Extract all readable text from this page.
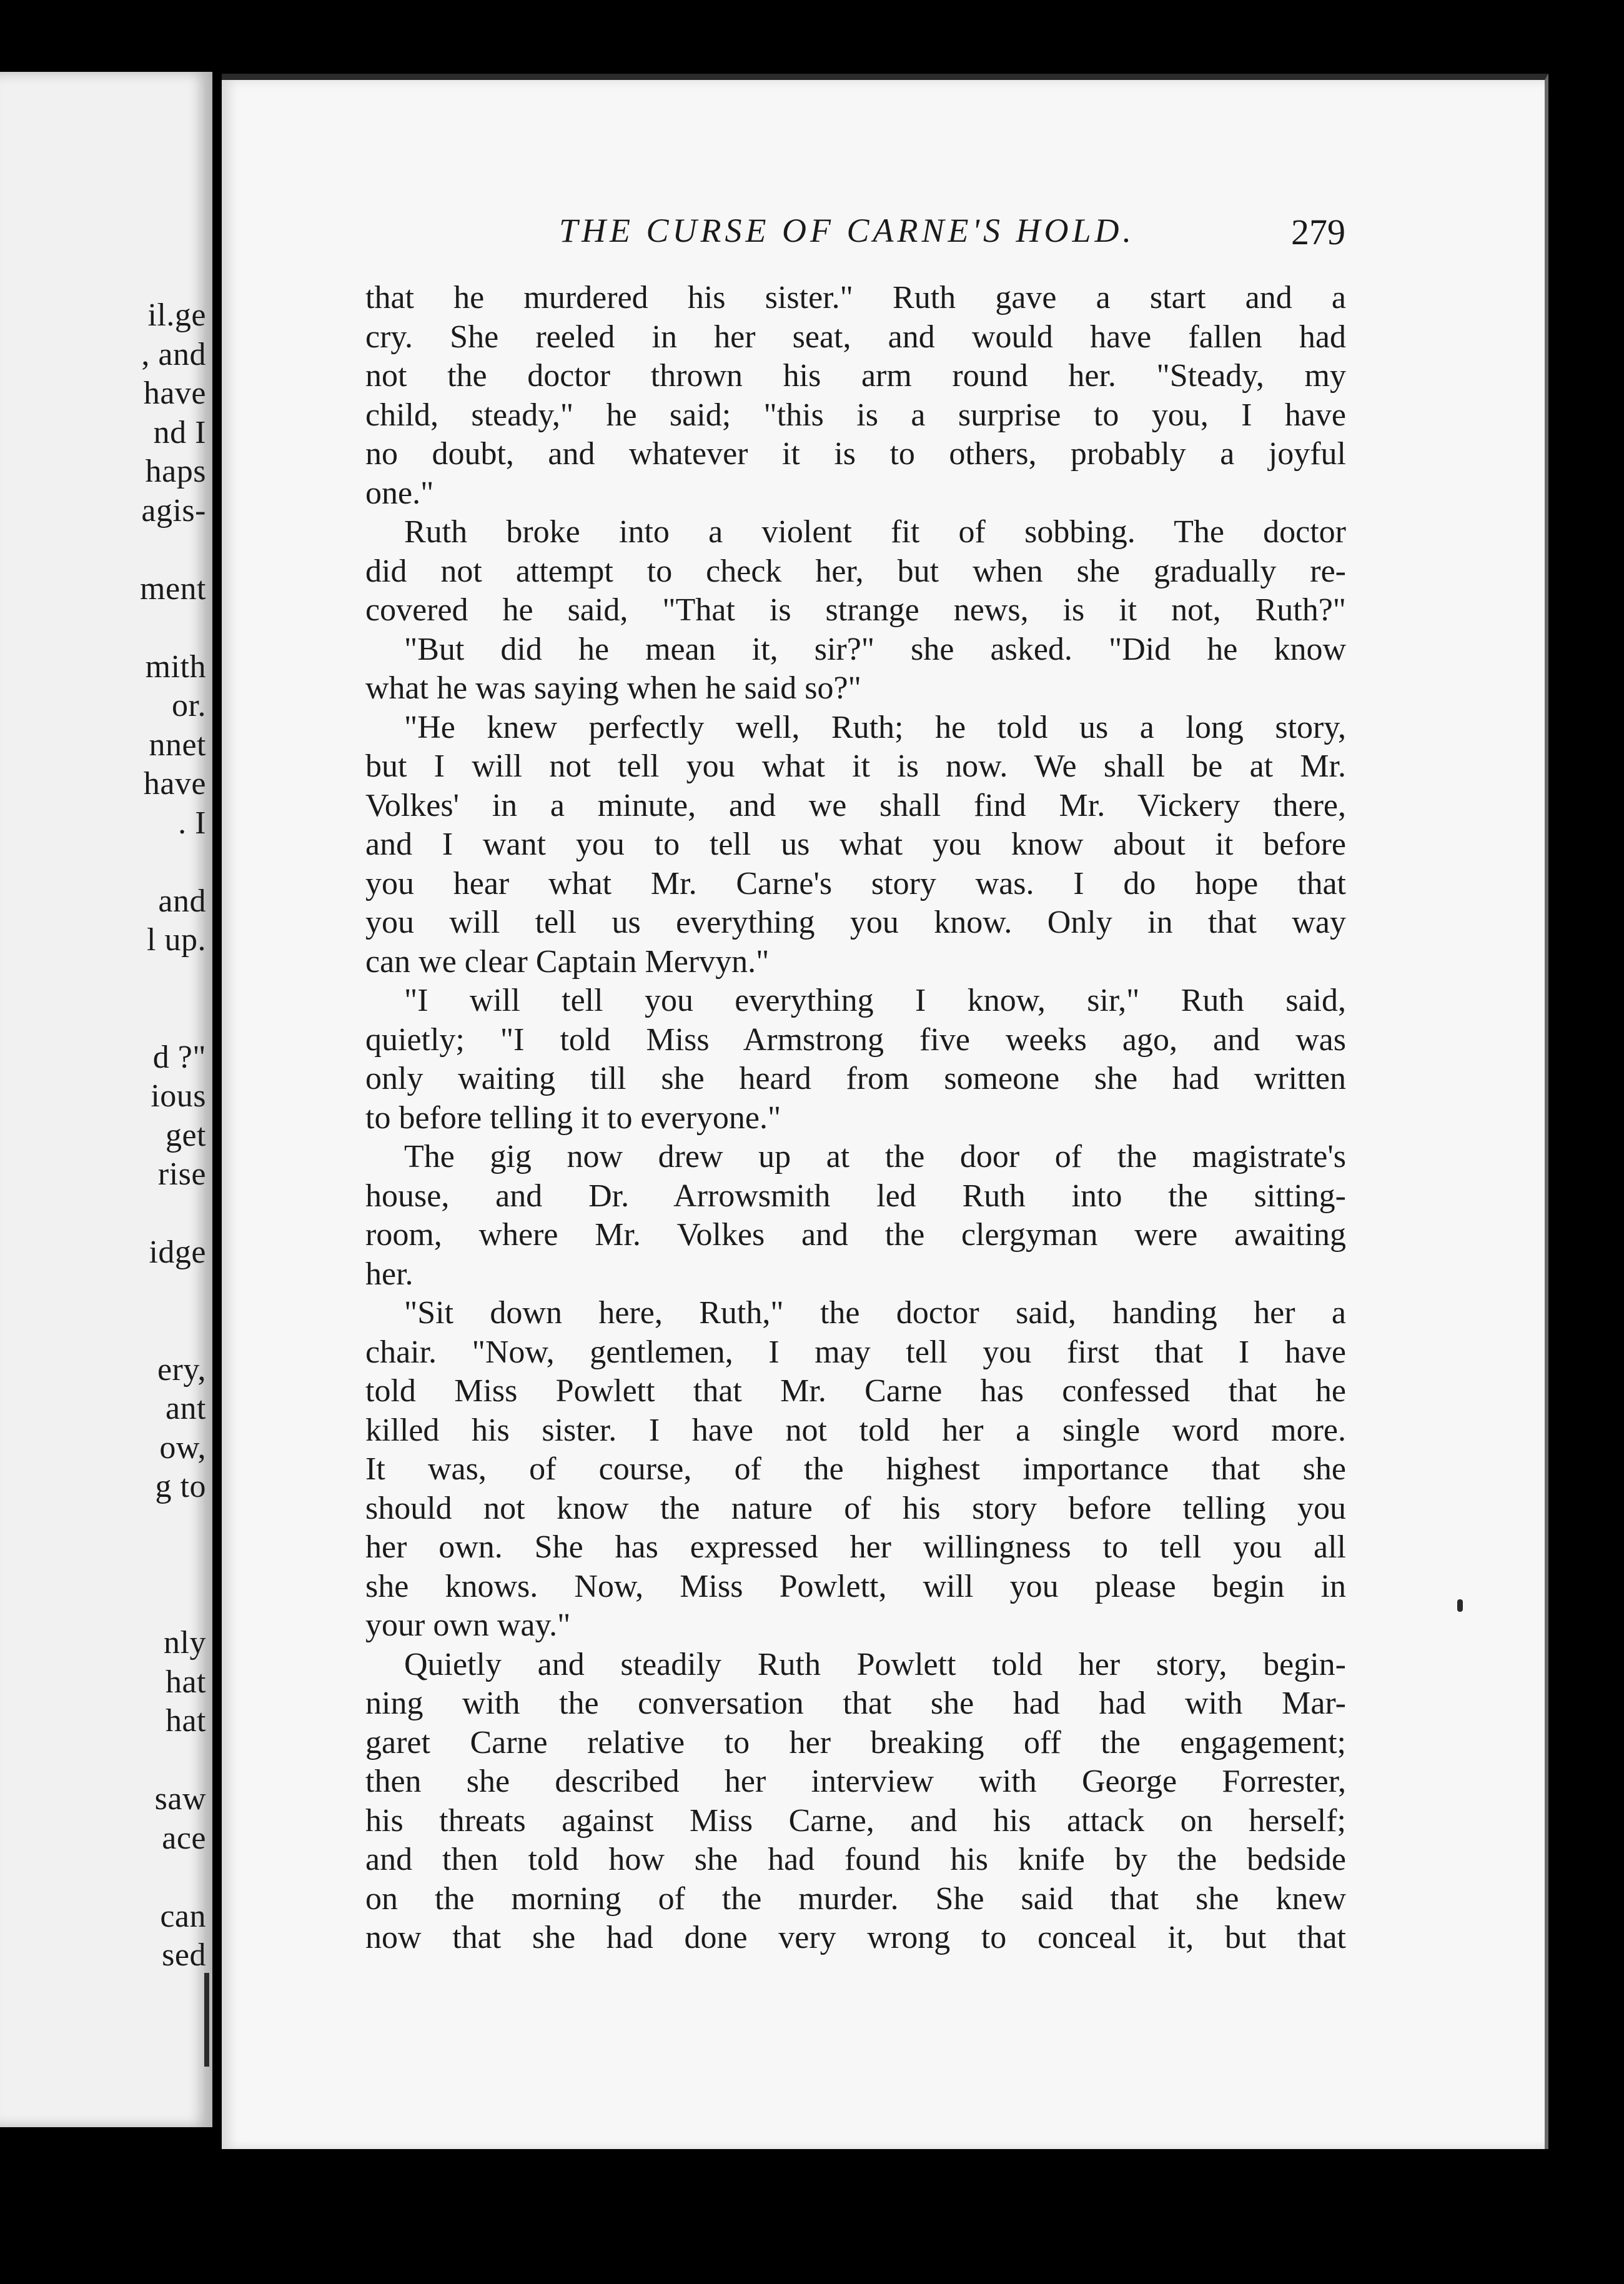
il.ge
, and
have
nd I
haps
agis-
ment
mith
or.
nnet
have
. I
and
l up.
d ?"
ious
get
rise
idge
ery,
ant
ow,
g to
nly
hat
hat
saw
ace
can
sed
THE CURSE OF CARNE'S HOLD.	279
that he murdered his sister." Ruth gave a start and a
cry. She reeled in her seat, and would have fallen had
not the doctor thrown his arm round her. "Steady, my
child, steady," he said; "this is a surprise to you, I have
no doubt, and whatever it is to others, probably a joyful
one."
Ruth broke into a violent fit of sobbing. The doctor
did not attempt to check her, but when she gradually re-
covered he said, "That is strange news, is it not, Ruth?"
"But did he mean it, sir?" she asked. "Did he know
what he was saying when he said so?"
"He knew perfectly well, Ruth; he told us a long story,
but I will not tell you what it is now. We shall be at Mr.
Volkes' in a minute, and we shall find Mr. Vickery there,
and I want you to tell us what you know about it before
you hear what Mr. Carne's story was. I do hope that
you will tell us everything you know. Only in that way
can we clear Captain Mervyn."
"I will tell you everything I know, sir," Ruth said,
quietly; "I told Miss Armstrong five weeks ago, and was
only waiting till she heard from someone she had written
to before telling it to everyone."
The gig now drew up at the door of the magistrate's
house, and Dr. Arrowsmith led Ruth into the sitting-
room, where Mr. Volkes and the clergyman were awaiting
her.
"Sit down here, Ruth," the doctor said, handing her a
chair. "Now, gentlemen, I may tell you first that I have
told Miss Powlett that Mr. Carne has confessed that he
killed his sister. I have not told her a single word more.
It was, of course, of the highest importance that she
should not know the nature of his story before telling you
her own. She has expressed her willingness to tell you all
she knows. Now, Miss Powlett, will you please begin in
your own way."
Quietly and steadily Ruth Powlett told her story, begin-
ning with the conversation that she had had with Mar-
garet Carne relative to her breaking off the engagement;
then she described her interview with George Forrester,
his threats against Miss Carne, and his attack on herself;
and then told how she had found his knife by the bedside
on the morning of the murder. She said that she knew
now that she had done very wrong to conceal it, but that
